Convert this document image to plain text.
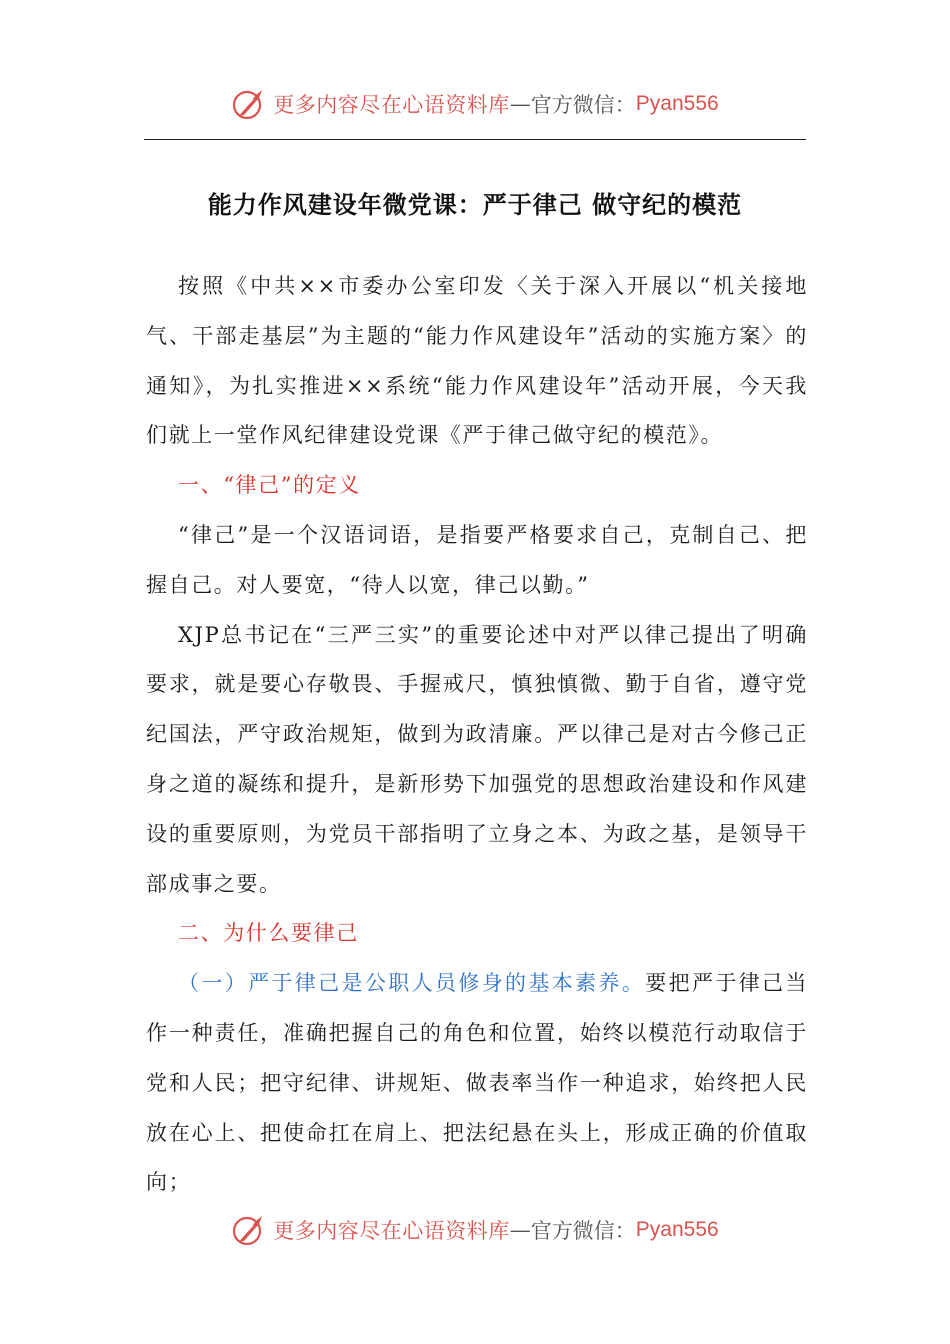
更多内容尽在心语资料库 — 官方微信： Pyan556
能力作风建设年微党课：严于律己 做守纪的模范

按照《中共××市委办公室印发〈关于深入开展以“机关接地气、干部走基层”为主题的“能力作风建设年”活动的实施方案〉的通知》，为扎实推进××系统“能力作风建设年”活动开展，今天我们就上一堂作风纪律建设党课《严于律己做守纪的模范》。

一、“律己”的定义

“律己”是一个汉语词语，是指要严格要求自己，克制自己、把握自己。对人要宽，“待人以宽，律己以勤。”

XJP总书记在“三严三实”的重要论述中对严以律己提出了明确要求，就是要心存敬畏、手握戒尺，慎独慎微、勤于自省，遵守党纪国法，严守政治规矩，做到为政清廉。严以律己是对古今修己正身之道的凝练和提升，是新形势下加强党的思想政治建设和作风建设的重要原则，为党员干部指明了立身之本、为政之基，是领导干部成事之要。

二、为什么要律己

（一）严于律己是公职人员修身的基本素养。要把严于律己当作一种责任，准确把握自己的角色和位置，始终以模范行动取信于党和人民；把守纪律、讲规矩、做表率当作一种追求，始终把人民放在心上、把使命扛在肩上、把法纪悬在头上，形成正确的价值取向；

更多内容尽在心语资料库 — 官方微信： Pyan556
